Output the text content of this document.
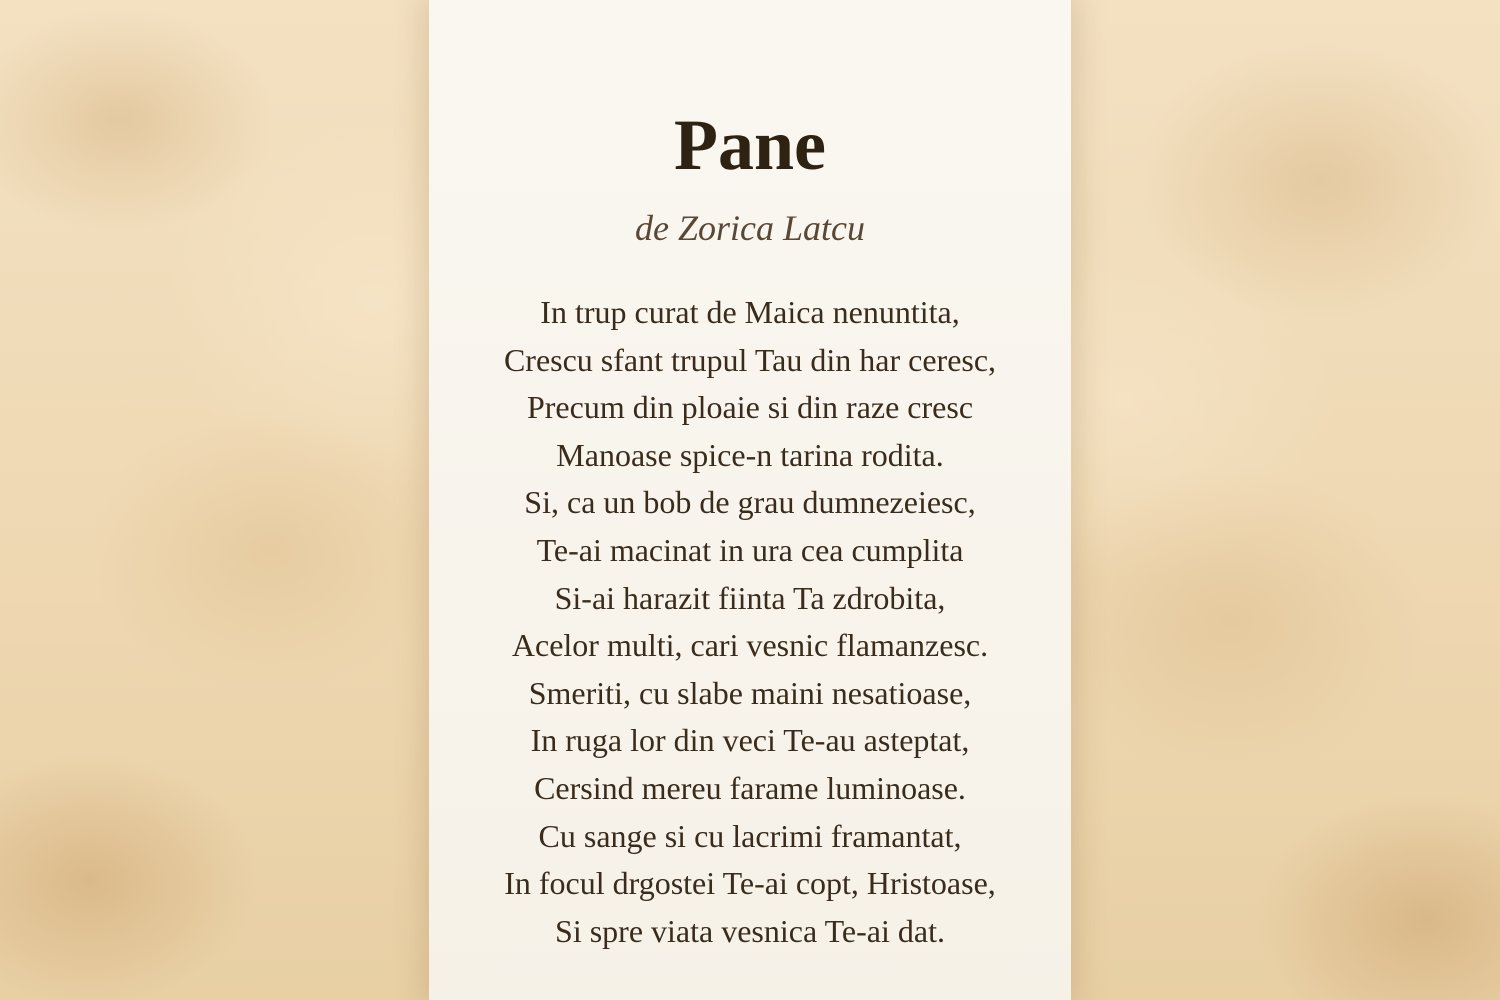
Pane

de Zorica Latcu

In trup curat de Maica nenuntita,
Crescu sfant trupul Tau din har ceresc,
Precum din ploaie si din raze cresc
Manoase spice-n tarina rodita.
Si, ca un bob de grau dumnezeiesc,
Te-ai macinat in ura cea cumplita
Si-ai harazit fiinta Ta zdrobita,
Acelor multi, cari vesnic flamanzesc.
Smeriti, cu slabe maini nesatioase,
In ruga lor din veci Te-au asteptat,
Cersind mereu farame luminoase.
Cu sange si cu lacrimi framantat,
In focul drgostei Te-ai copt, Hristoase,
Si spre viata vesnica Te-ai dat.
